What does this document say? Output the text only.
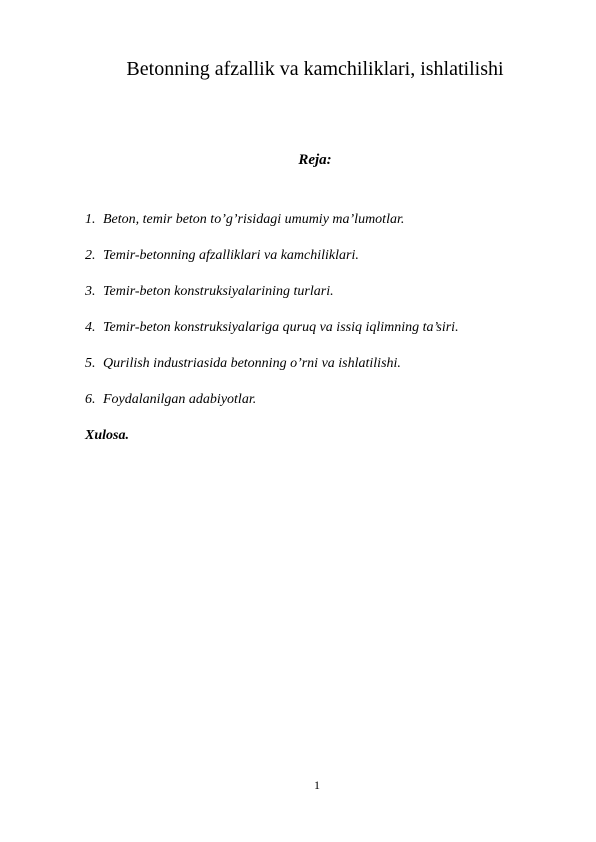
Betonning afzallik va kamchiliklari, ishlatilishi
Reja:
1. Beton, temir beton to’g’risidagi umumiy ma’lumotlar.
2. Temir-betonning afzalliklari va kamchiliklari.
3. Temir-beton konstruksiyalarining turlari.
4. Temir-beton konstruksiyalariga quruq va issiq iqlimning ta’siri.
5. Qurilish industriasida betonning o’rni va ishlatilishi.
6. Foydalanilgan adabiyotlar.
Xulosa.
1
